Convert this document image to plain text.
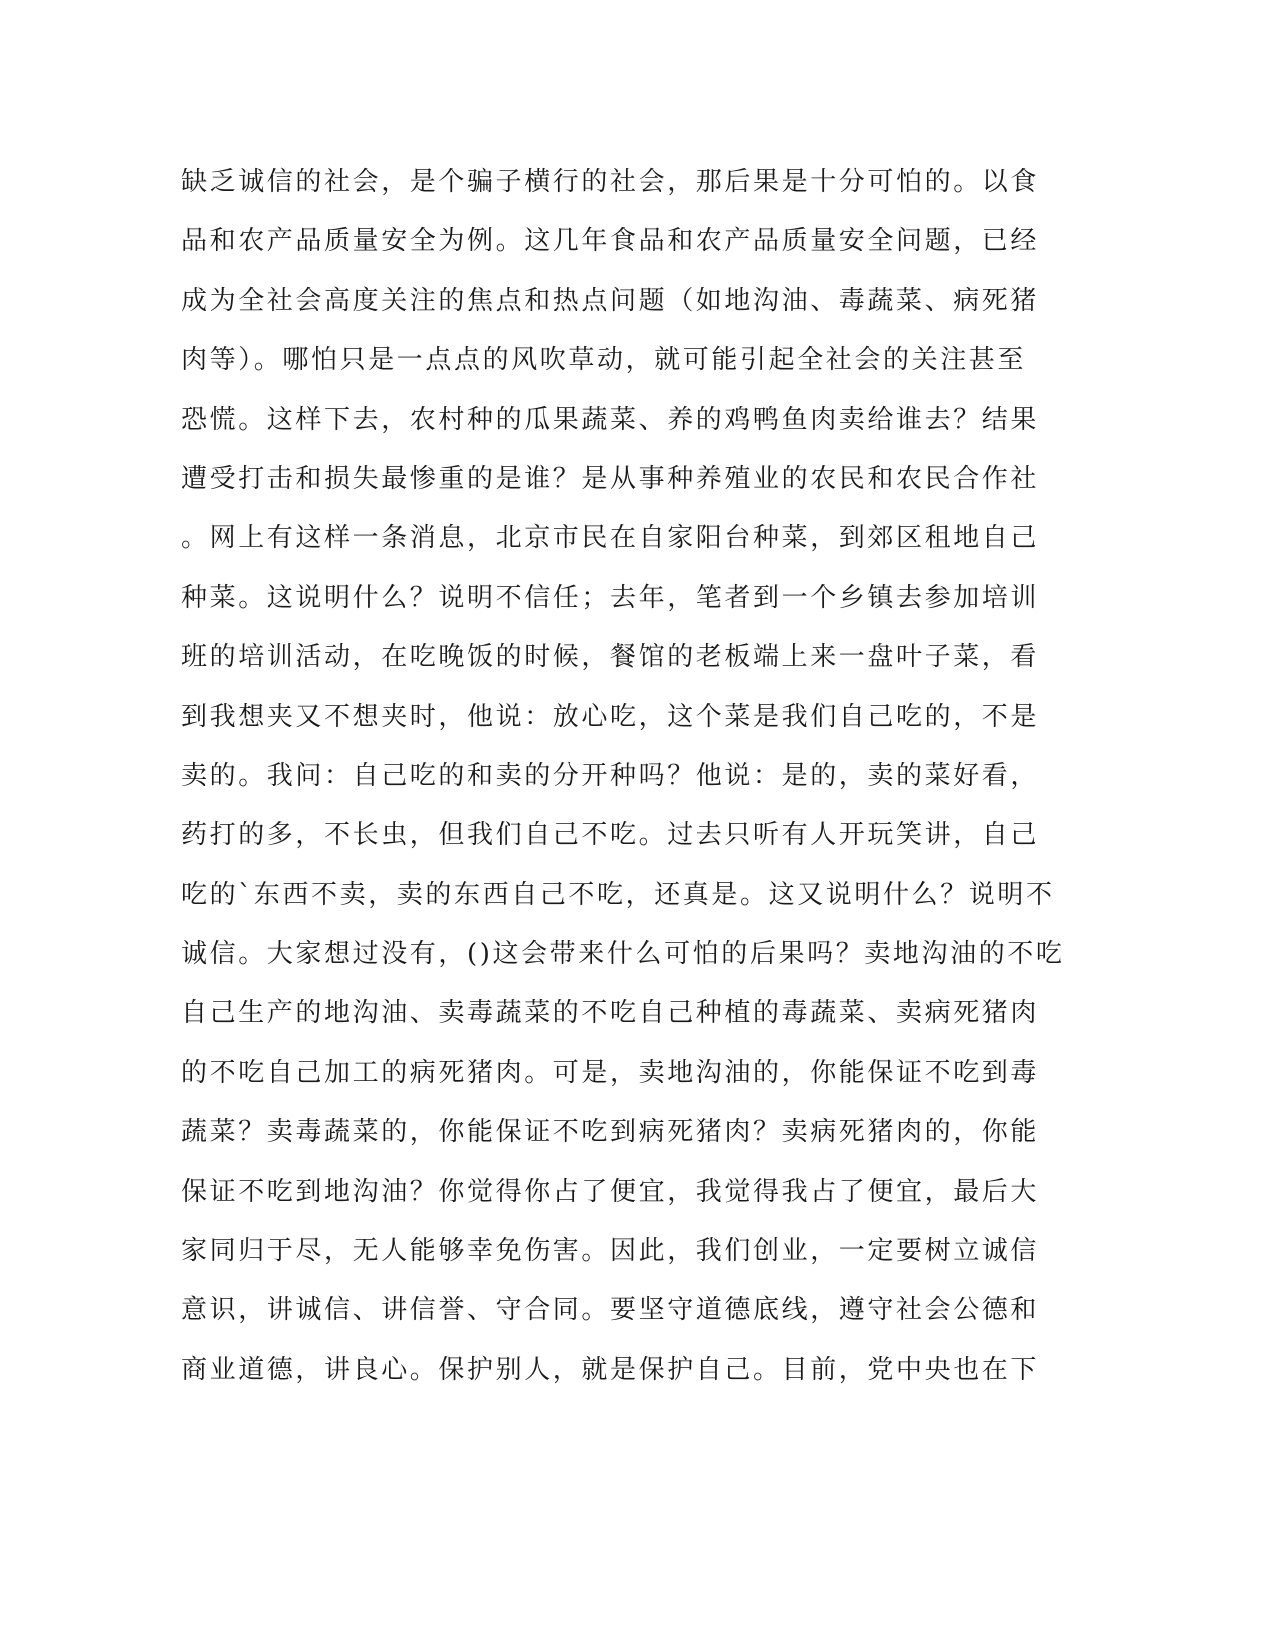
缺乏诚信的社会，是个骗子横行的社会，那后果是十分可怕的。以食
品和农产品质量安全为例。这几年食品和农产品质量安全问题，已经
成为全社会高度关注的焦点和热点问题（如地沟油、毒蔬菜、病死猪
肉等）。哪怕只是一点点的风吹草动，就可能引起全社会的关注甚至
恐慌。这样下去，农村种的瓜果蔬菜、养的鸡鸭鱼肉卖给谁去？结果
遭受打击和损失最惨重的是谁？是从事种养殖业的农民和农民合作社
。网上有这样一条消息，北京市民在自家阳台种菜，到郊区租地自己
种菜。这说明什么？说明不信任；去年，笔者到一个乡镇去参加培训
班的培训活动，在吃晚饭的时候，餐馆的老板端上来一盘叶子菜，看
到我想夹又不想夹时，他说：放心吃，这个菜是我们自己吃的，不是
卖的。我问：自己吃的和卖的分开种吗？他说：是的，卖的菜好看，
药打的多，不长虫，但我们自己不吃。过去只听有人开玩笑讲，自己
吃的`东西不卖，卖的东西自己不吃，还真是。这又说明什么？说明不
诚信。大家想过没有，()这会带来什么可怕的后果吗？卖地沟油的不吃
自己生产的地沟油、卖毒蔬菜的不吃自己种植的毒蔬菜、卖病死猪肉
的不吃自己加工的病死猪肉。可是，卖地沟油的，你能保证不吃到毒
蔬菜？卖毒蔬菜的，你能保证不吃到病死猪肉？卖病死猪肉的，你能
保证不吃到地沟油？你觉得你占了便宜，我觉得我占了便宜，最后大
家同归于尽，无人能够幸免伤害。因此，我们创业，一定要树立诚信
意识，讲诚信、讲信誉、守合同。要坚守道德底线，遵守社会公德和
商业道德，讲良心。保护别人，就是保护自己。目前，党中央也在下
